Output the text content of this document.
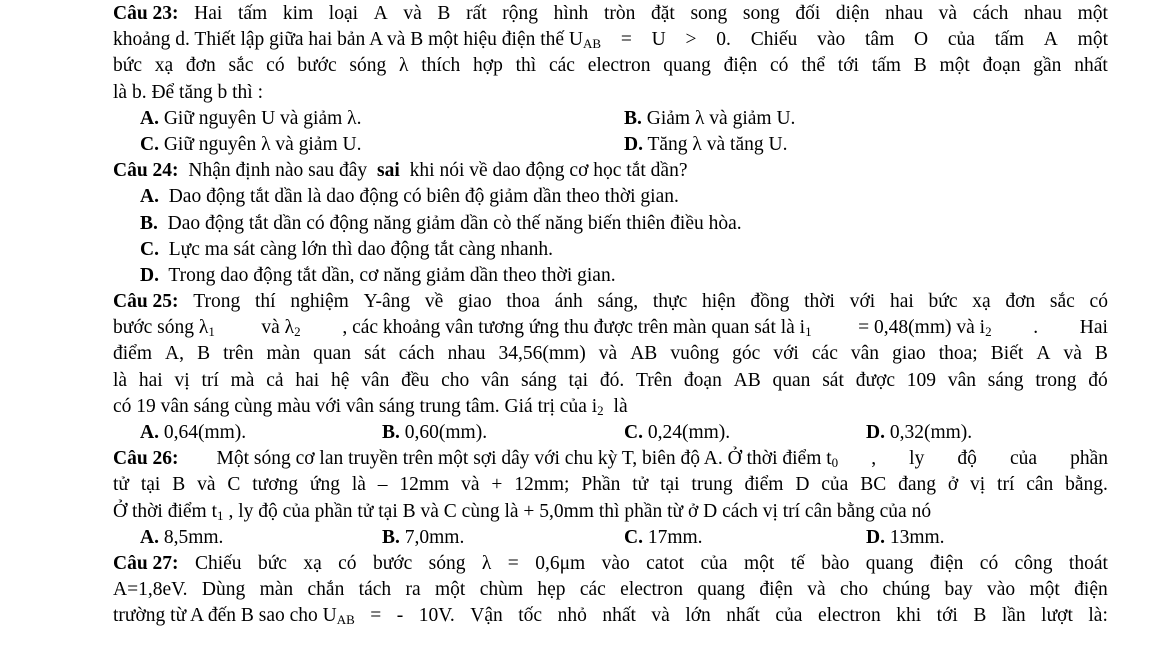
Câu 23: Hai tấm kim loại A và B rất rộng hình tròn đặt song song đối diện nhau và cách nhau một
khoảng d. Thiết lập giữa hai bản A và B một hiệu điện thế $U_{AB} = U > 0$. Chiếu vào tâm O của tấm A một
bức xạ đơn sắc có bước sóng λ thích hợp thì các electron quang điện có thể tới tấm B một đoạn gần nhất
là b. Để tăng b thì :
A. Giữ nguyên U và giảm λ.	B. Giảm λ và giảm U.
C. Giữ nguyên λ và giảm U.	D. Tăng λ và tăng U.
Câu 24: Nhận định nào sau đây sai khi nói về dao động cơ học tắt dần?
A.  Dao động tắt dần là dao động có biên độ giảm dần theo thời gian.
B.  Dao động tắt dần có động năng giảm dần cò thế năng biến thiên điều hòa.
C.  Lực ma sát càng lớn thì dao động tắt càng nhanh.
D.  Trong dao động tắt dần, cơ năng giảm dần theo thời gian.
Câu 25: Trong thí nghiệm Y-âng về giao thoa ánh sáng, thực hiện đồng thời với hai bức xạ đơn sắc có
bước sóng $\lambda_1$ và $\lambda_2$ , các khoảng vân tương ứng thu được trên màn quan sát là $i_1 = 0,48(mm)$ và $i_2$ . Hai
điểm A, B trên màn quan sát cách nhau 34,56(mm) và AB vuông góc với các vân giao thoa; Biết A và B
là hai vị trí mà cả hai hệ vân đều cho vân sáng tại đó. Trên đoạn AB quan sát được 109 vân sáng trong đó
có 19 vân sáng cùng màu với vân sáng trung tâm. Giá trị của $i_2$ là
A. 0,64(mm).	B. 0,60(mm).	C. 0,24(mm).	D. 0,32(mm).
Câu 26: Một sóng cơ lan truyền trên một sợi dây với chu kỳ T, biên độ A. Ở thời điểm $t_0$ , ly độ của phần
tử tại B và C tương ứng là – 12mm và + 12mm; Phần tử tại trung điểm D của BC đang ở vị trí cân bằng.
Ở thời điểm $t_1$ , ly độ của phần tử tại B và C cùng là + 5,0mm thì phần từ ở D cách vị trí cân bằng của nó
A. 8,5mm.	B. 7,0mm.	C. 17mm.	D. 13mm.
Câu 27: Chiếu bức xạ có bước sóng λ = 0,6μm vào catot của một tế bào quang điện có công thoát
A=1,8eV. Dùng màn chắn tách ra một chùm hẹp các electron quang điện và cho chúng bay vào một điện
trường từ A đến B sao cho $U_{AB}$ = - 10V. Vận tốc nhỏ nhất và lớn nhất của electron khi tới B lần lượt là:
